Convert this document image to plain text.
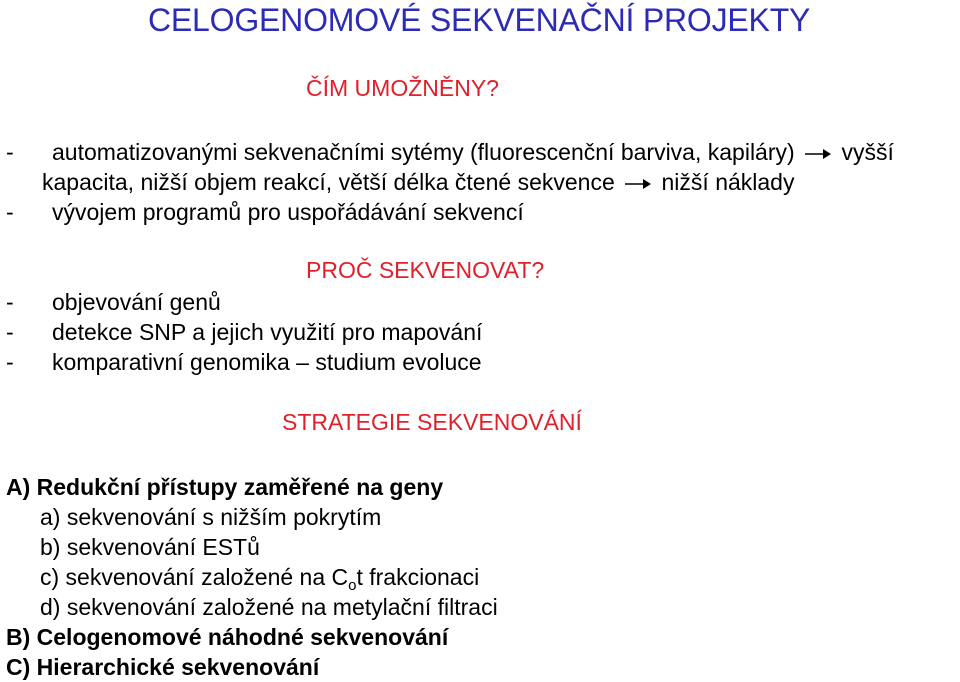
CELOGENOMOVÉ SEKVENAČNÍ PROJEKTY
ČÍM UMOŽNĚNY?
- automatizovanými sekvenačními sytémy (fluorescenční barviva, kapiláry) vyšší
kapacita, nižší objem reakcí, větší délka čtené sekvence nižší náklady
- vývojem programů pro uspořádávání sekvencí
PROČ SEKVENOVAT?
- objevování genů
- detekce SNP a jejich využití pro mapování
- komparativní genomika – studium evoluce
STRATEGIE SEKVENOVÁNÍ
A) Redukční přístupy zaměřené na geny
a) sekvenování s nižším pokrytím
b) sekvenování ESTů
c) sekvenování založené na $C_ot$ frakcionaci
d) sekvenování založené na metylační filtraci
B) Celogenomové náhodné sekvenování
C) Hierarchické sekvenování
